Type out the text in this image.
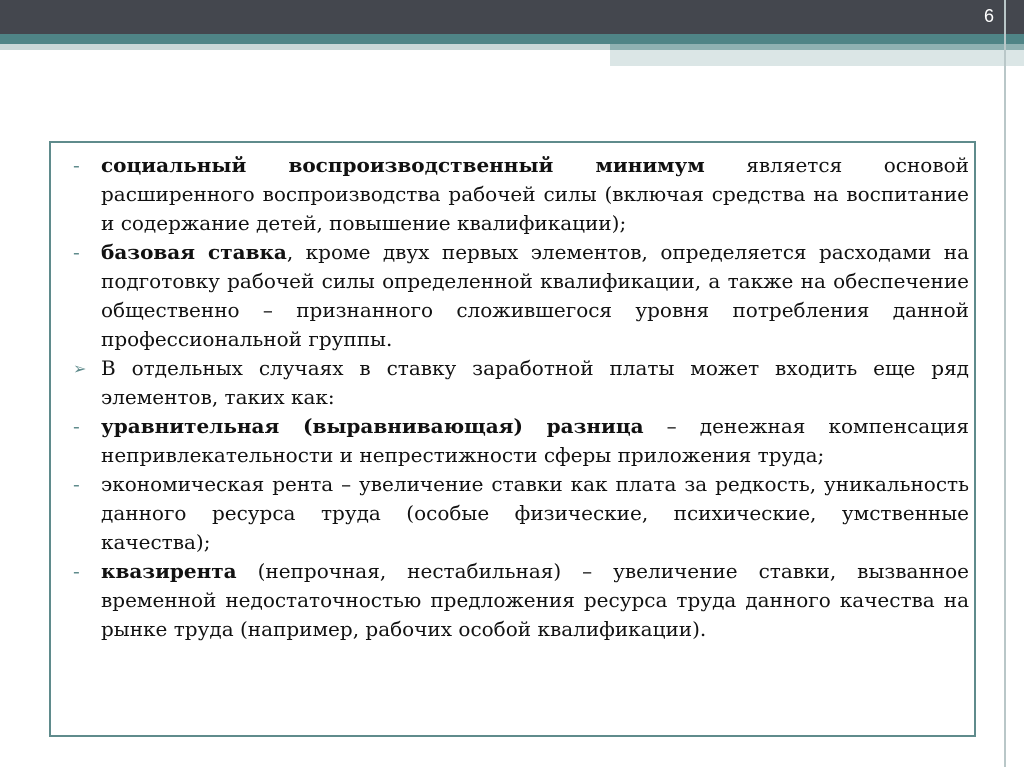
6
-	социальный воспроизводственный минимум является основой расширенного воспроизводства рабочей силы (включая средства на воспитание и содержание детей, повышение квалификации);
-	базовая ставка, кроме двух первых элементов, определяется расходами на подготовку рабочей силы определенной квалификации, а также на обеспечение общественно – признанного сложившегося уровня потребления данной профессиональной группы.
➢ В отдельных случаях в ставку заработной платы может входить еще ряд элементов, таких как:
-	уравнительная (выравнивающая) разница – денежная компенсация непривлекательности и непрестижности сферы приложения труда;
-	экономическая рента – увеличение ставки как плата за редкость, уникальность данного ресурса труда (особые физические, психические, умственные качества);
-	квазирента (непрочная, нестабильная) – увеличение ставки, вызванное временной недостаточностью предложения ресурса труда данного качества на рынке труда (например, рабочих особой квалификации).
